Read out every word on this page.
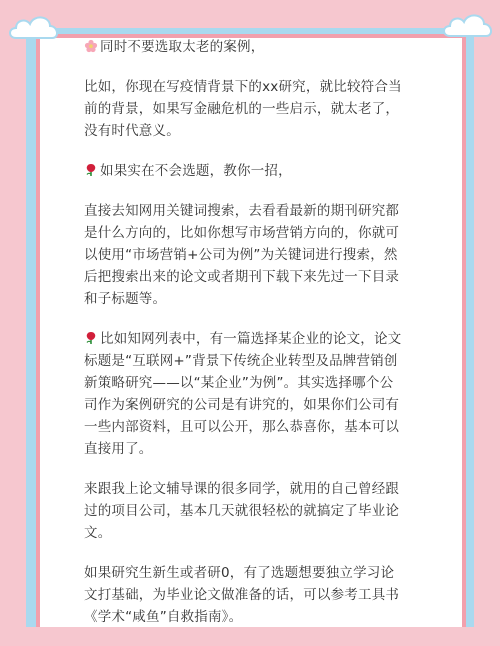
同时不要选取太老的案例，

比如，你现在写疫情背景下的xx研究，就比较符合当前的背景，如果写金融危机的一些启示，就太老了，没有时代意义。

如果实在不会选题，教你一招，

直接去知网用关键词搜索，去看看最新的期刊研究都是什么方向的，比如你想写市场营销方向的，你就可以使用“市场营销+公司为例”为关键词进行搜索，然后把搜索出来的论文或者期刊下载下来先过一下目录和子标题等。

比如知网列表中，有一篇选择某企业的论文，论文标题是“互联网+”背景下传统企业转型及品牌营销创新策略研究——以“某企业”为例”。其实选择哪个公司作为案例研究的公司是有讲究的，如果你们公司有一些内部资料，且可以公开，那么恭喜你，基本可以直接用了。

来跟我上论文辅导课的很多同学，就用的自己曾经跟过的项目公司，基本几天就很轻松的就搞定了毕业论文。

如果研究生新生或者研0，有了选题想要独立学习论文打基础，为毕业论文做准备的话，可以参考工具书《学术“咸鱼”自救指南》。
